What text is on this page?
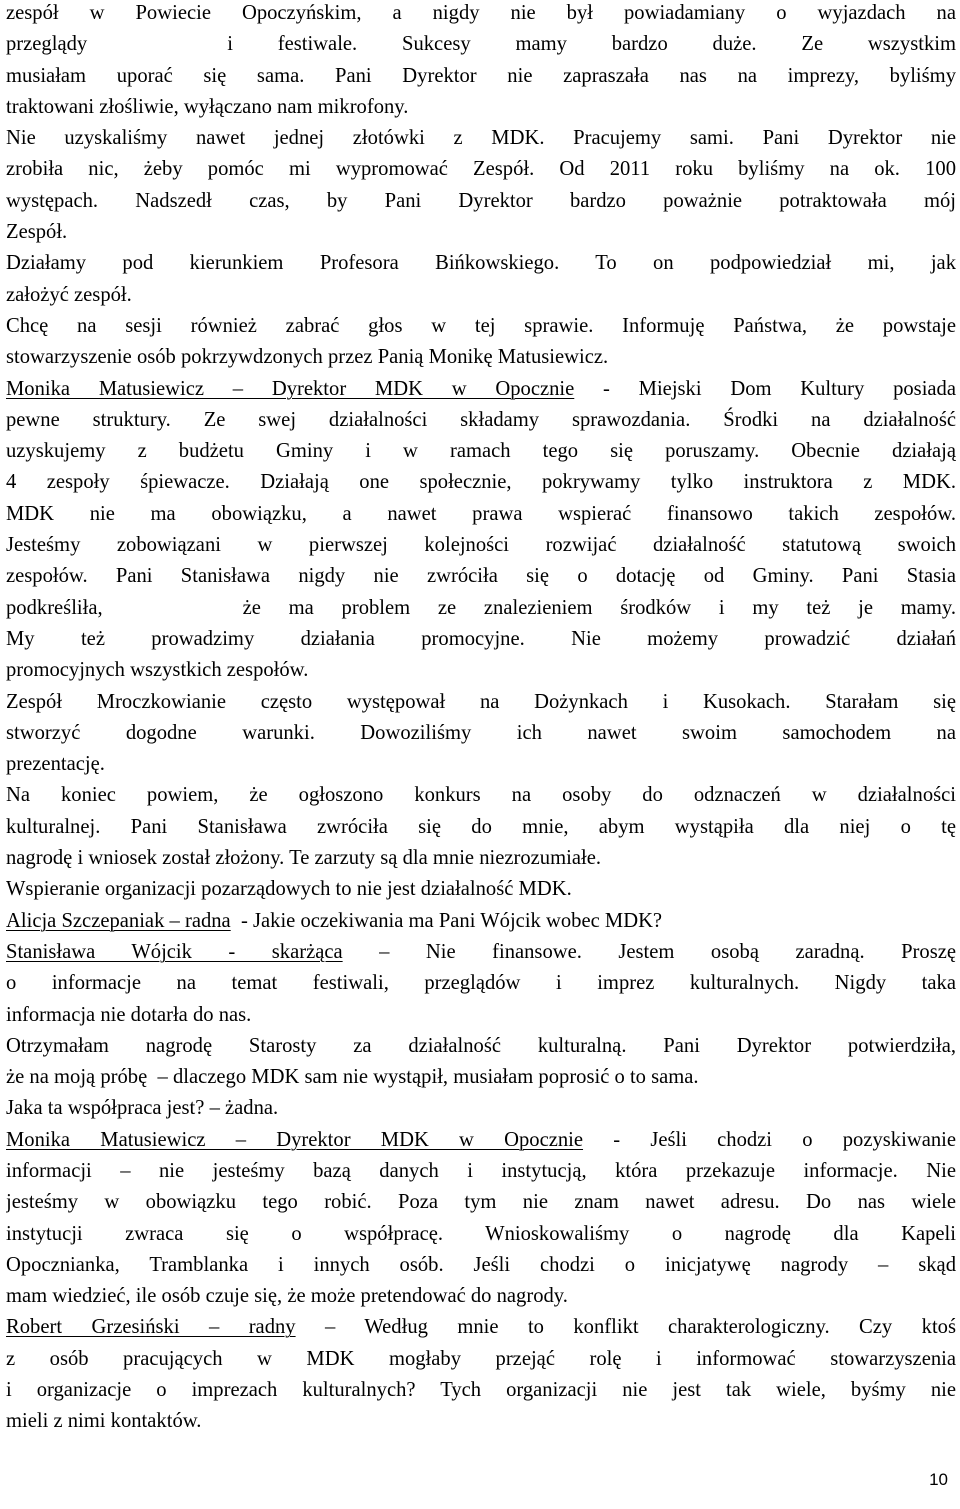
zespół w Powiecie Opoczyńskim, a nigdy nie był powiadamiany o wyjazdach na
przeglądy	i festiwale. Sukcesy mamy bardzo duże. Ze wszystkim
musiałam uporać się sama. Pani Dyrektor nie zapraszała nas na imprezy, byliśmy
traktowani złośliwie, wyłączano nam mikrofony.
Nie uzyskaliśmy nawet jednej złotówki z MDK. Pracujemy sami. Pani Dyrektor nie
zrobiła nic, żeby pomóc mi wypromować Zespół. Od 2011 roku byliśmy na ok. 100
występach. Nadszedł czas, by Pani Dyrektor bardzo poważnie potraktowała mój
Zespół.
Działamy pod kierunkiem Profesora Bińkowskiego. To on podpowiedział mi, jak
założyć zespół.
Chcę na sesji również zabrać głos w tej sprawie. Informuję Państwa, że powstaje
stowarzyszenie osób pokrzywdzonych przez Panią Monikę Matusiewicz.
Monika Matusiewicz – Dyrektor MDK w Opocznie - Miejski Dom Kultury posiada
pewne struktury. Ze swej działalności składamy sprawozdania. Środki na działalność
uzyskujemy z budżetu Gminy i w ramach tego się poruszamy. Obecnie działają
4 zespoły śpiewacze. Działają one społecznie, pokrywamy tylko instruktora z MDK.
MDK nie ma obowiązku, a nawet prawa wspierać finansowo takich zespołów.
Jesteśmy zobowiązani w pierwszej kolejności rozwijać działalność statutową swoich
zespołów. Pani Stanisława nigdy nie zwróciła się o dotację od Gminy. Pani Stasia
podkreśliła,	że ma problem ze znalezieniem środków i my też je mamy.
My też prowadzimy działania promocyjne. Nie możemy prowadzić działań
promocyjnych wszystkich zespołów.
Zespół Mroczkowianie często występował na Dożynkach i Kusokach. Starałam się
stworzyć dogodne warunki. Dowoziliśmy ich nawet swoim samochodem na
prezentację.
Na koniec powiem, że ogłoszono konkurs na osoby do odznaczeń w działalności
kulturalnej. Pani Stanisława zwróciła się do mnie, abym wystąpiła dla niej o tę
nagrodę i wniosek został złożony. Te zarzuty są dla mnie niezrozumiałe.
Wspieranie organizacji pozarządowych to nie jest działalność MDK.
Alicja Szczepaniak – radna  - Jakie oczekiwania ma Pani Wójcik wobec MDK?
Stanisława Wójcik - skarżąca – Nie finansowe. Jestem osobą zaradną. Proszę
o informacje na temat festiwali, przeglądów i imprez kulturalnych. Nigdy taka
informacja nie dotarła do nas.
Otrzymałam nagrodę Starosty za działalność kulturalną. Pani Dyrektor potwierdziła,
że na moją próbę  – dlaczego MDK sam nie wystąpił, musiałam poprosić o to sama.
Jaka ta współpraca jest? – żadna.
Monika Matusiewicz – Dyrektor MDK w Opocznie - Jeśli chodzi o pozyskiwanie
informacji – nie jesteśmy bazą danych i instytucją, która przekazuje informacje. Nie
jesteśmy w obowiązku tego robić. Poza tym nie znam nawet adresu. Do nas wiele
instytucji zwraca się o współpracę. Wnioskowaliśmy o nagrodę dla Kapeli
Opocznianka, Tramblanka i innych osób. Jeśli chodzi o inicjatywę nagrody – skąd
mam wiedzieć, ile osób czuje się, że może pretendować do nagrody.
Robert Grzesiński – radny – Według mnie to konflikt charakterologiczny. Czy ktoś
z osób pracujących w MDK mogłaby przejąć rolę i informować stowarzyszenia
i organizacje o imprezach kulturalnych? Tych organizacji nie jest tak wiele, byśmy nie
mieli z nimi kontaktów.
10
